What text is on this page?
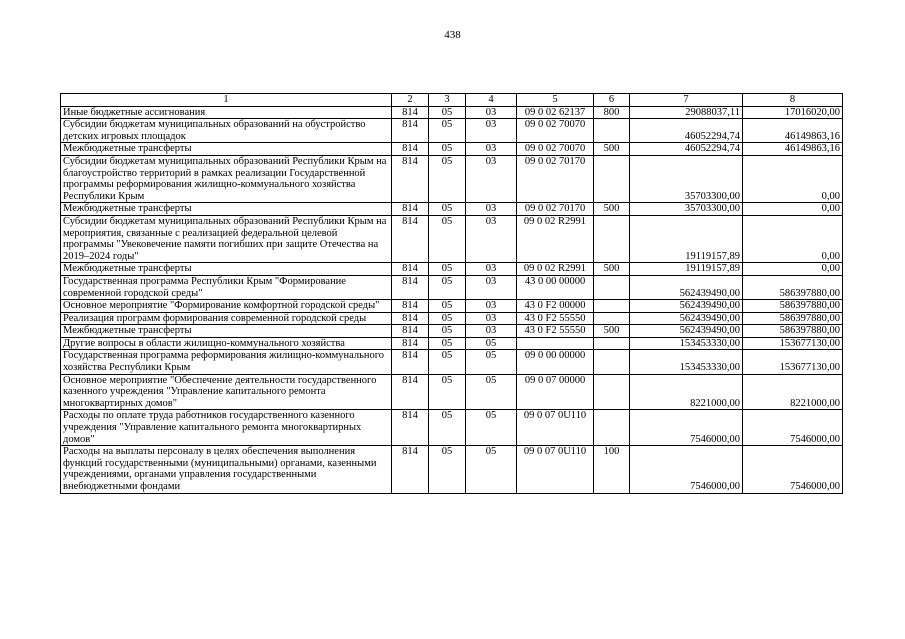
438
1	2	3	4	5	6	7	8
Иные бюджетные ассигнования	814	05	03	09 0 02 62137	800	29088037,11	17016020,00
Субсидии бюджетам муниципальных образований на обустройство детских игровых площадок	814	05	03	09 0 02 70070		46052294,74	46149863,16
Межбюджетные трансферты	814	05	03	09 0 02 70070	500	46052294,74	46149863,16
Субсидии бюджетам муниципальных образований Республики Крым на благоустройство территорий в рамках реализации Государственной программы реформирования жилищно-коммунального хозяйства Республики Крым	814	05	03	09 0 02 70170		35703300,00	0,00
Межбюджетные трансферты	814	05	03	09 0 02 70170	500	35703300,00	0,00
Субсидии бюджетам муниципальных образований Республики Крым на мероприятия, связанные с реализацией федеральной целевой программы "Увековечение памяти погибших при защите Отечества на 2019–2024 годы"	814	05	03	09 0 02 R2991		19119157,89	0,00
Межбюджетные трансферты	814	05	03	09 0 02 R2991	500	19119157,89	0,00
Государственная программа Республики Крым "Формирование современной городской среды"	814	05	03	43 0 00 00000		562439490,00	586397880,00
Основное мероприятие "Формирование комфортной городской среды"	814	05	03	43 0 F2 00000		562439490,00	586397880,00
Реализация программ формирования современной городской среды	814	05	03	43 0 F2 55550		562439490,00	586397880,00
Межбюджетные трансферты	814	05	03	43 0 F2 55550	500	562439490,00	586397880,00
Другие вопросы в области жилищно-коммунального хозяйства	814	05	05			153453330,00	153677130,00
Государственная программа реформирования жилищно-коммунального хозяйства Республики Крым	814	05	05	09 0 00 00000		153453330,00	153677130,00
Основное мероприятие "Обеспечение деятельности государственного казенного учреждения "Управление капитального ремонта многоквартирных домов"	814	05	05	09 0 07 00000		8221000,00	8221000,00
Расходы по оплате труда работников государственного казенного учреждения "Управление капитального ремонта многоквартирных домов"	814	05	05	09 0 07 0U110		7546000,00	7546000,00
Расходы на выплаты персоналу в целях обеспечения выполнения функций государственными (муниципальными) органами, казенными учреждениями, органами управления государственными внебюджетными фондами	814	05	05	09 0 07 0U110	100	7546000,00	7546000,00
